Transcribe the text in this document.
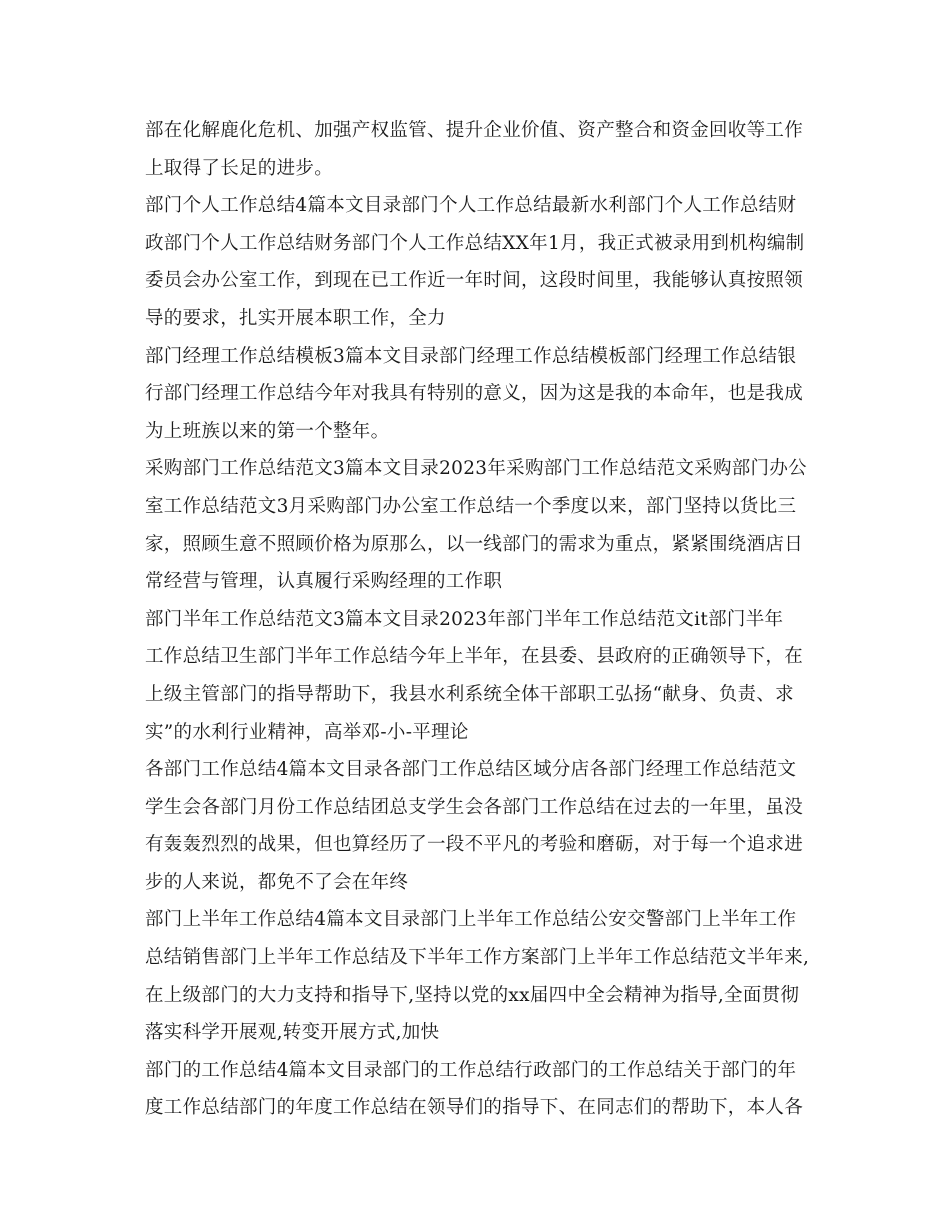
部在化解鹿化危机、加强产权监管、提升企业价值、资产整合和资金回收等工作
上取得了长足的进步。
部门个人工作总结4篇本文目录部门个人工作总结最新水利部门个人工作总结财
政部门个人工作总结财务部门个人工作总结XX年1月，我正式被录用到机构编制
委员会办公室工作，到现在已工作近一年时间，这段时间里，我能够认真按照领
导的要求，扎实开展本职工作，全力
部门经理工作总结模板3篇本文目录部门经理工作总结模板部门经理工作总结银
行部门经理工作总结今年对我具有特别的意义，因为这是我的本命年，也是我成
为上班族以来的第一个整年。
采购部门工作总结范文3篇本文目录2023年采购部门工作总结范文采购部门办公
室工作总结范文3月采购部门办公室工作总结一个季度以来，部门坚持以货比三
家，照顾生意不照顾价格为原那么，以一线部门的需求为重点，紧紧围绕酒店日
常经营与管理，认真履行采购经理的工作职
部门半年工作总结范文3篇本文目录2023年部门半年工作总结范文it部门半年
工作总结卫生部门半年工作总结今年上半年，在县委、县政府的正确领导下，在
上级主管部门的指导帮助下，我县水利系统全体干部职工弘扬“献身、负责、求
实”的水利行业精神，高举邓-小-平理论
各部门工作总结4篇本文目录各部门工作总结区域分店各部门经理工作总结范文
学生会各部门月份工作总结团总支学生会各部门工作总结在过去的一年里，虽没
有轰轰烈烈的战果，但也算经历了一段不平凡的考验和磨砺，对于每一个追求进
步的人来说，都免不了会在年终
部门上半年工作总结4篇本文目录部门上半年工作总结公安交警部门上半年工作
总结销售部门上半年工作总结及下半年工作方案部门上半年工作总结范文半年来,
在上级部门的大力支持和指导下,坚持以党的xx届四中全会精神为指导,全面贯彻
落实科学开展观,转变开展方式,加快
部门的工作总结4篇本文目录部门的工作总结行政部门的工作总结关于部门的年
度工作总结部门的年度工作总结在领导们的指导下、在同志们的帮助下，本人各
